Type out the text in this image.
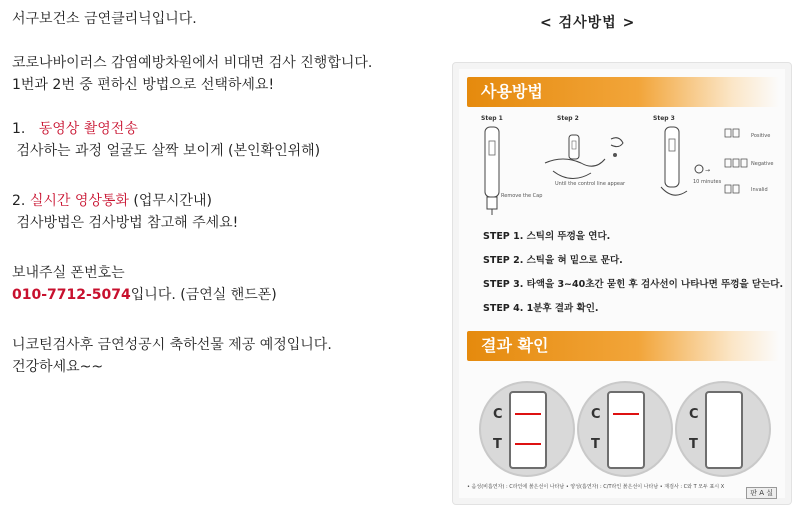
서구보건소 금연클리닉입니다.

코로나바이러스 감염예방차원에서 비대면 검사 진행합니다.

1번과 2번 중 편하신 방법으로 선택하세요!

1. 동영상 촬영전송

검사하는 과정 얼굴도 살짝 보이게 (본인확인위해)

2. 실시간 영상통화 (업무시간내)

검사방법은 검사방법 참고해 주세요!

보내주실 폰번호는

010-7712-5074입니다. (금연실 핸드폰)

니코틴검사후 금연성공시 축하선물 제공 예정입니다.

건강하세요~~

< 검사방법 >
사용방법
Step 1	Step 2	Step 3
→
Remove the Cap
Until the control line appear	10 minutes
Positive
Negative
Invalid

STEP 1. 스틱의 뚜껑을 연다.

STEP 2. 스틱을 혀 밑으로 문다.

STEP 3. 타액을 3~40초간 묻힌 후 검사선이 나타나면 뚜껑을 닫는다.

STEP 4. 1분후 결과 확인.

결과 확인
C
T
C
T
C
T
• 음성(비흡연자) : C라인에 붉은선이 나타남 • 양성(흡연자) : C/T라인 붉은선이 나타남 • 재검사 : C와 T 모두 표시 X
판 A 실
